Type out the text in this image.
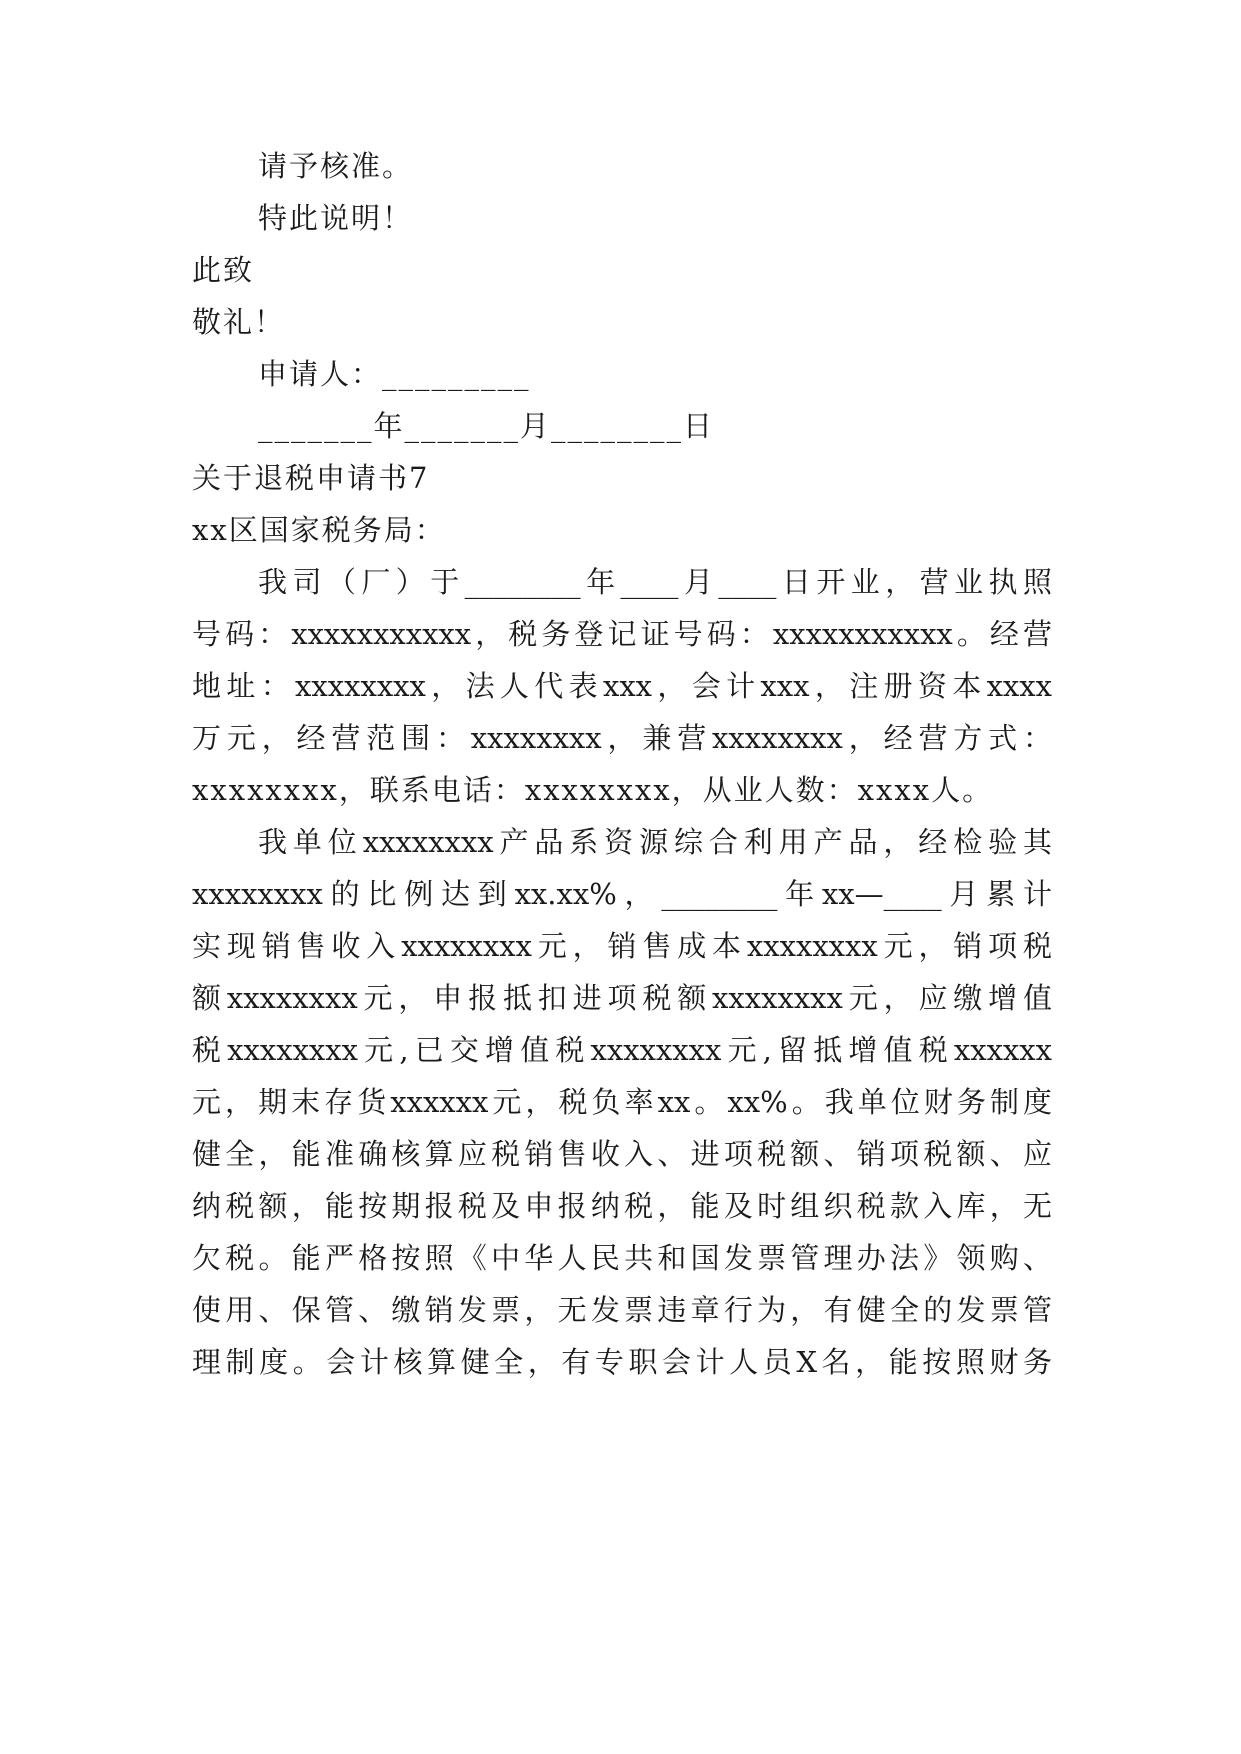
请予核准。
特此说明！
此致
敬礼！
申请人：_________
_______年_______月________日
关于退税申请书7
xx区国家税务局：
我司（厂）于________年____月____日开业，营业执照
号码：xxxxxxxxxxx，税务登记证号码：xxxxxxxxxxx。经营
地址：xxxxxxxx，法人代表xxx，会计xxx，注册资本xxxx
万元，经营范围：xxxxxxxx，兼营xxxxxxxx，经营方式：
xxxxxxxx，联系电话：xxxxxxxx，从业人数：xxxx人。
我单位xxxxxxxx产品系资源综合利用产品，经检验其
xxxxxxxx的比例达到xx.xx%，________年xx—____月累计
实现销售收入xxxxxxxx元，销售成本xxxxxxxx元，销项税
额xxxxxxxx元，申报抵扣进项税额xxxxxxxx元，应缴增值
税xxxxxxxx元,已交增值税xxxxxxxx元,留抵增值税xxxxxx
元，期末存货xxxxxx元，税负率xx。xx%。我单位财务制度
健全，能准确核算应税销售收入、进项税额、销项税额、应
纳税额，能按期报税及申报纳税，能及时组织税款入库，无
欠税。能严格按照《中华人民共和国发票管理办法》领购、
使用、保管、缴销发票，无发票违章行为，有健全的发票管
理制度。会计核算健全，有专职会计人员X名，能按照财务
